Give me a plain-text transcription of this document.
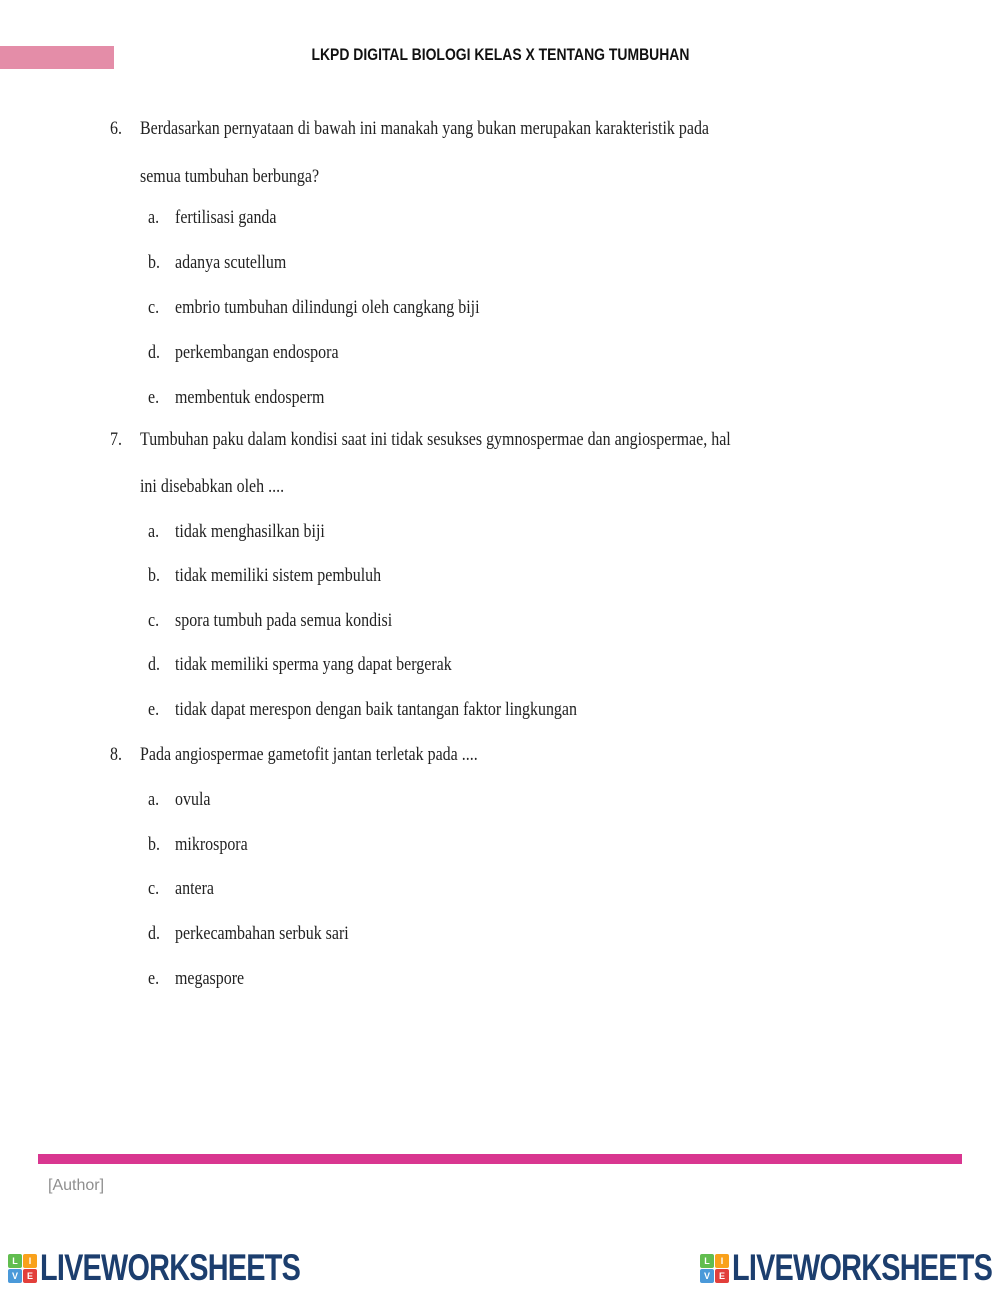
LKPD DIGITAL BIOLOGI KELAS X TENTANG TUMBUHAN
6. Berdasarkan pernyataan di bawah ini manakah yang bukan merupakan karakteristik pada
semua tumbuhan berbunga?
a. fertilisasi ganda
b. adanya scutellum
c. embrio tumbuhan dilindungi oleh cangkang biji
d. perkembangan endospora
e. membentuk endosperm
7. Tumbuhan paku dalam kondisi saat ini tidak sesukses gymnospermae dan angiospermae, hal
ini disebabkan oleh ....
a. tidak menghasilkan biji
b. tidak memiliki sistem pembuluh
c. spora tumbuh pada semua kondisi
d. tidak memiliki sperma yang dapat bergerak
e. tidak dapat merespon dengan baik tantangan faktor lingkungan
8. Pada angiospermae gametofit jantan terletak pada ....
a. ovula
b. mikrospora
c. antera
d. perkecambahan serbuk sari
e. megaspore
[Author]
L	I
V E LIVEWORKSHEETS	L	I
V E LIVEWORKSHEETS
